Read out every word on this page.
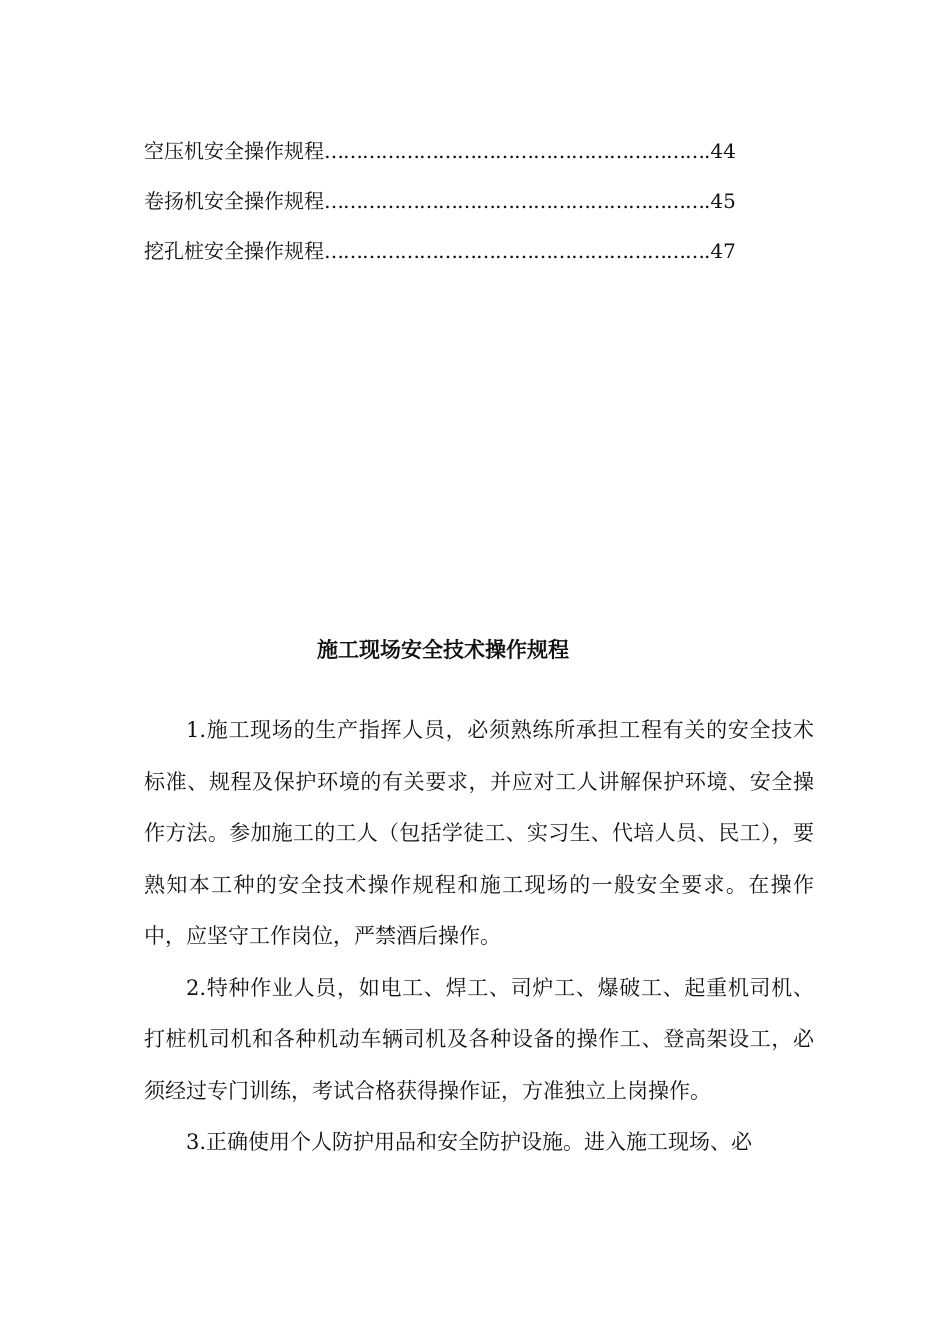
空压机安全操作规程…………………………………………………….44
卷扬机安全操作规程…………………………………………………….45
挖孔桩安全操作规程…………………………………………………….47
施工现场安全技术操作规程

1.施工现场的生产指挥人员，必须熟练所承担工程有关的安全技术标准、规程及保护环境的有关要求，并应对工人讲解保护环境、安全操作方法。参加施工的工人（包括学徒工、实习生、代培人员、民工），要熟知本工种的安全技术操作规程和施工现场的一般安全要求。在操作中，应坚守工作岗位，严禁酒后操作。

2.特种作业人员，如电工、焊工、司炉工、爆破工、起重机司机、打桩机司机和各种机动车辆司机及各种设备的操作工、登高架设工，必须经过专门训练，考试合格获得操作证，方准独立上岗操作。

3.正确使用个人防护用品和安全防护设施。进入施工现场、必
